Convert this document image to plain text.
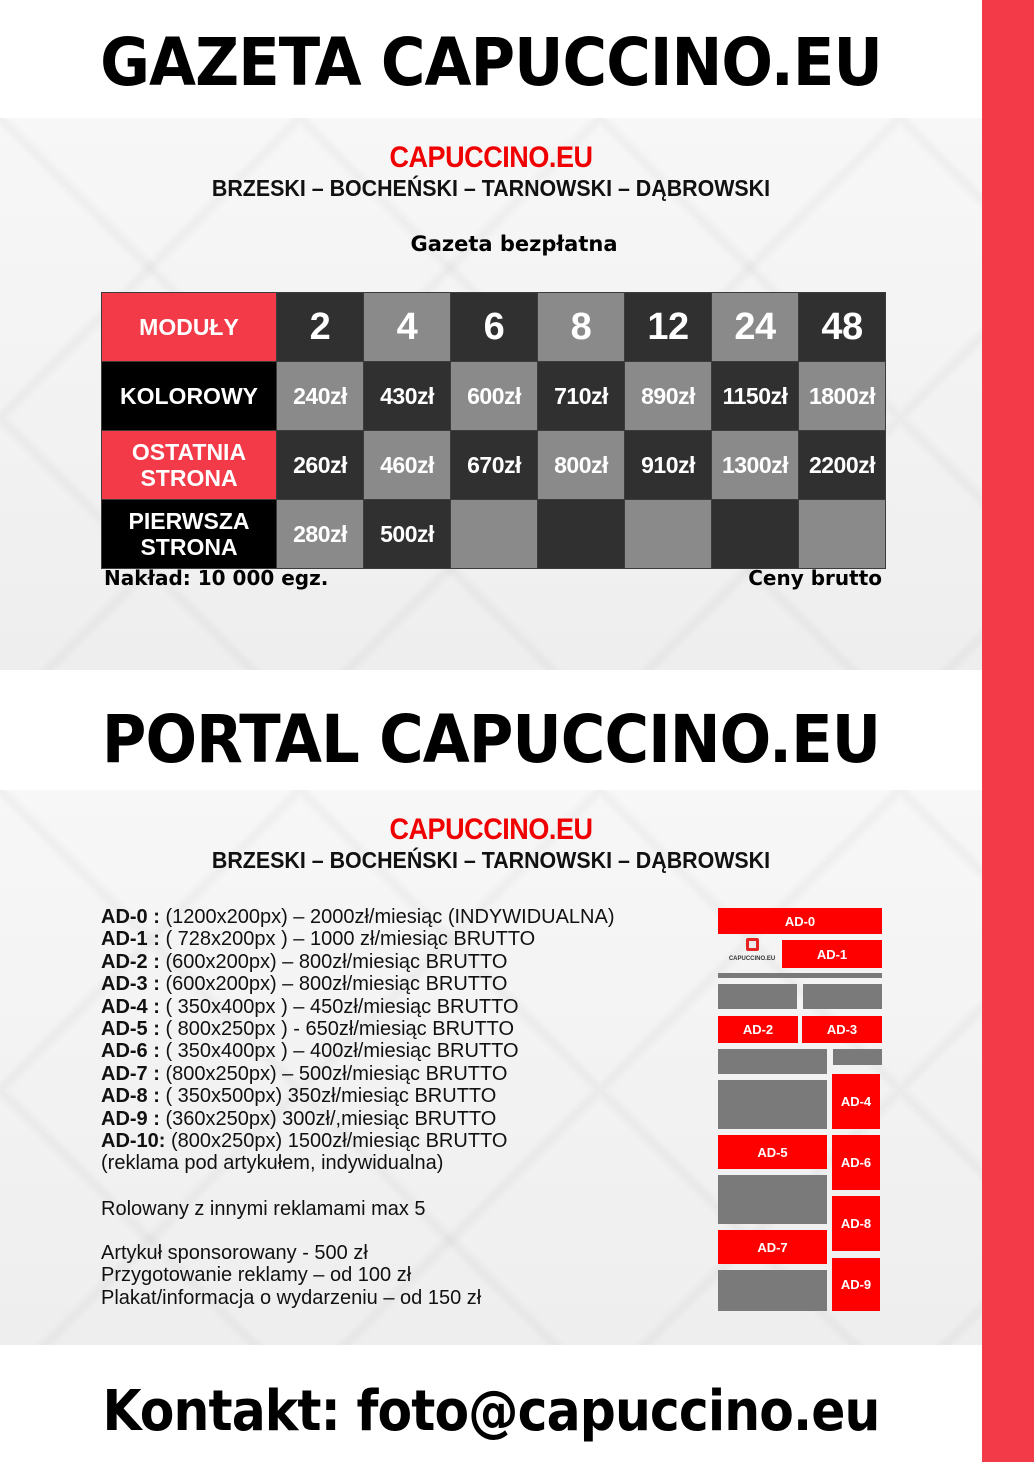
GAZETA CAPUCCINO.EU
CAPUCCINO.EU
BRZESKI – BOCHEŃSKI – TARNOWSKI – DĄBROWSKI
Gazeta bezpłatna
MODUŁY	2	4	6	8	12	24	48
KOLOROWY	240zł	430zł	600zł	710zł	890zł	1150zł	1800zł
OSTATNIA STRONA	260zł	460zł	670zł	800zł	910zł	1300zł	2200zł
PIERWSZA STRONA	280zł	500zł					
Nakład: 10 000 egz.	Ceny brutto
PORTAL CAPUCCINO.EU
CAPUCCINO.EU
BRZESKI – BOCHEŃSKI – TARNOWSKI – DĄBROWSKI
AD-0 : (1200x200px) – 2000zł/miesiąc (INDYWIDUALNA)
AD-1 : ( 728x200px ) – 1000 zł/miesiąc BRUTTO
AD-2 : (600x200px) – 800zł/miesiąc BRUTTO
AD-3 : (600x200px) – 800zł/miesiąc BRUTTO
AD-4 : ( 350x400px ) – 450zł/miesiąc BRUTTO
AD-5 : ( 800x250px ) - 650zł/miesiąc BRUTTO
AD-6 : ( 350x400px ) – 400zł/miesiąc BRUTTO
AD-7 : (800x250px) – 500zł/miesiąc BRUTTO
AD-8 : ( 350x500px) 350zł/miesiąc BRUTTO
AD-9 : (360x250px) 300zł/,miesiąc BRUTTO
AD-10: (800x250px) 1500zł/miesiąc BRUTTO
(reklama pod artykułem, indywidualna)
Rolowany z innymi reklamami max 5
Artykuł sponsorowany - 500 zł
Przygotowanie reklamy – od 100 zł
Plakat/informacja o wydarzeniu – od 150 zł
AD-0
CAPUCCINO.EU	AD-1
AD-2	AD-3
AD-4
AD-5
AD-6
AD-8
AD-7
AD-9
Kontakt: foto@capuccino.eu
